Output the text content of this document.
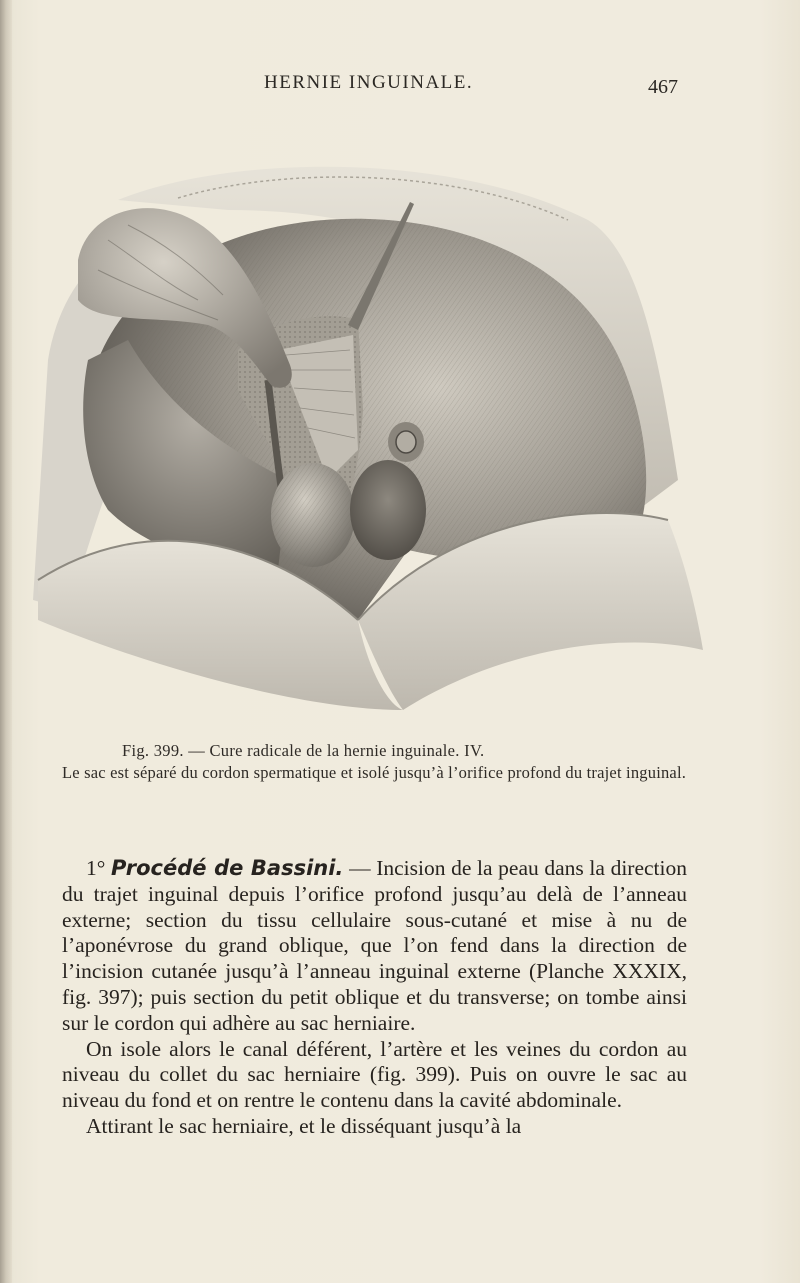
HERNIE INGUINALE.	467

Fig. 399. — Cure radicale de la hernie inguinale. IV.

Le sac est séparé du cordon spermatique et isolé jusqu’à l’orifice profond du trajet inguinal.

1° Procédé de Bassini. — Incision de la peau dans la direction du trajet inguinal depuis l’orifice profond jusqu’au delà de l’anneau externe; section du tissu cellulaire sous-cutané et mise à nu de l’aponévrose du grand oblique, que l’on fend dans la direction de l’incision cutanée jusqu’à l’anneau inguinal externe (Planche XXXIX, fig. 397); puis section du petit oblique et du transverse; on tombe ainsi sur le cordon qui adhère au sac herniaire.

On isole alors le canal déférent, l’artère et les veines du cordon au niveau du collet du sac herniaire (fig. 399). Puis on ouvre le sac au niveau du fond et on rentre le contenu dans la cavité abdominale.

Attirant le sac herniaire, et le disséquant jusqu’à la
